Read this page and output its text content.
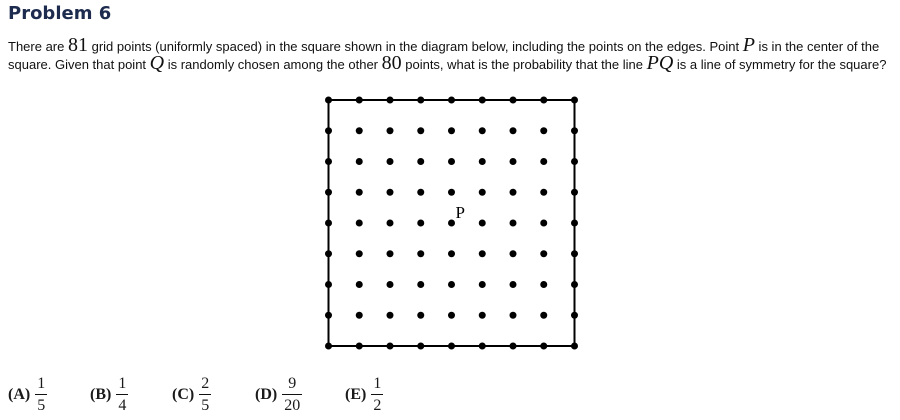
Problem 6

There are 81 grid points (uniformly spaced) in the square shown in the diagram below, including the points on the edges. Point P is in the center of the square. Given that point Q is randomly chosen among the other 80 points, what is the probability that the line PQ is a line of symmetry for the square?

P
$(A) \frac{1}{5}$	$(B) \frac{1}{4}$	$(C) \frac{2}{5}$	$(D) \frac{9}{20}$	$(E) \frac{1}{2}$
